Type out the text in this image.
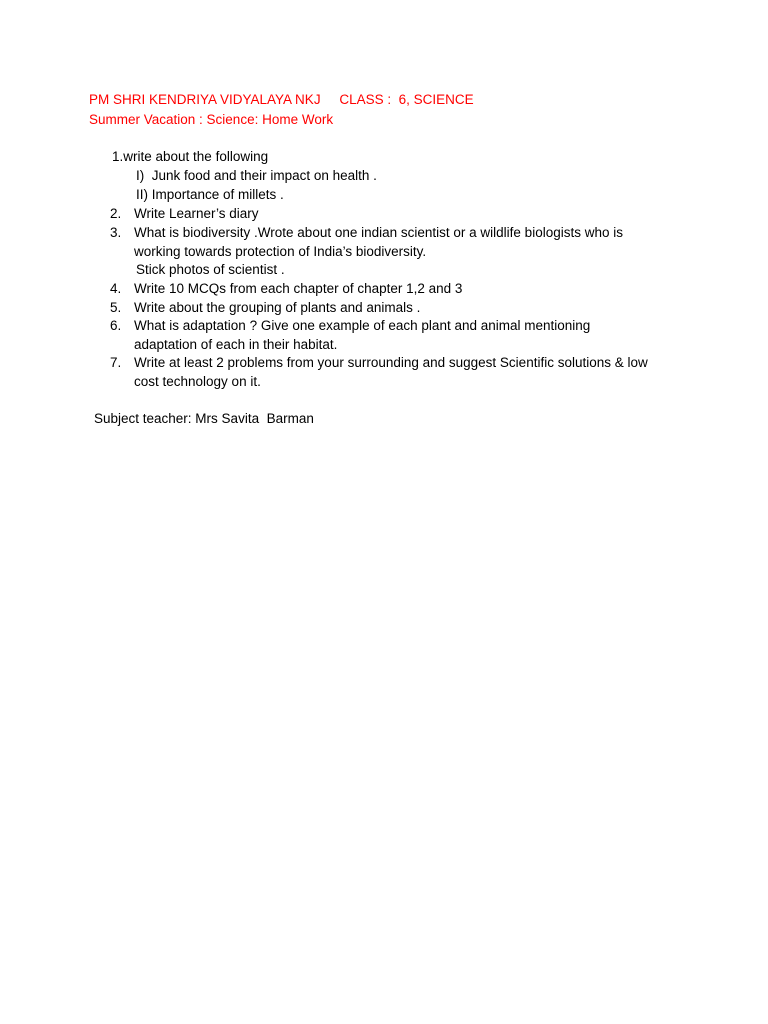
PM SHRI KENDRIYA VIDYALAYA NKJ     CLASS :  6, SCIENCE
Summer Vacation : Science: Home Work
1.write about the following
I)  Junk food and their impact on health .
II) Importance of millets .
2. Write Learner’s diary
3. What is biodiversity .Wrote about one indian scientist or a wildlife biologists who is working towards protection of India’s biodiversity.
Stick photos of scientist .
4. Write 10 MCQs from each chapter of chapter 1,2 and 3
5. Write about the grouping of plants and animals .
6. What is adaptation ? Give one example of each plant and animal mentioning adaptation of each in their habitat.
7. Write at least 2 problems from your surrounding and suggest Scientific solutions & low cost technology on it.
Subject teacher: Mrs Savita  Barman
